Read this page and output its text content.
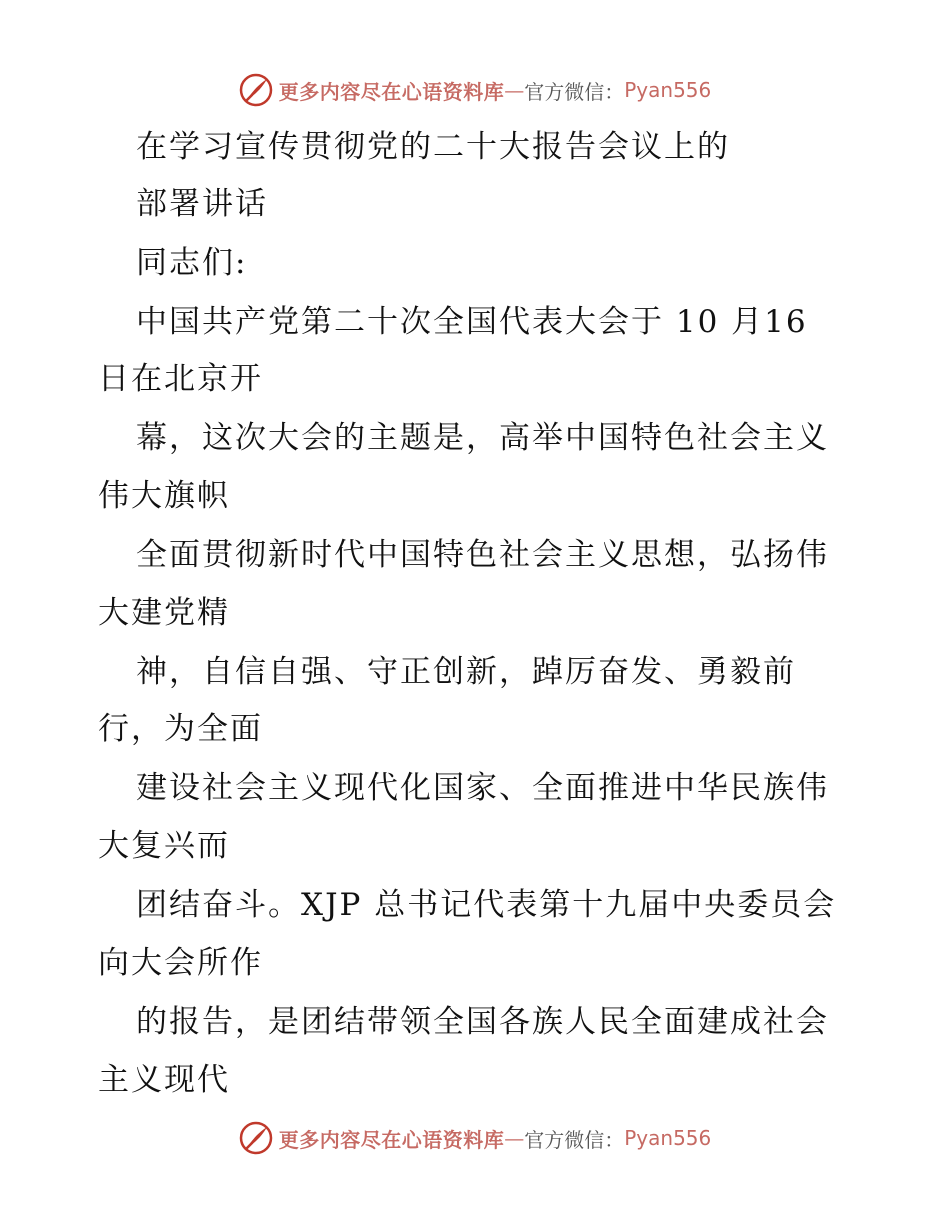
更多内容尽在心语资料库 — 官方微信： Pyan556
在学习宣传贯彻党的二十大报告会议上的
部署讲话
同志们:
中国共产党第二十次全国代表大会于 10 月16
日在北京开
幕，这次大会的主题是，高举中国特色社会主义
伟大旗帜
全面贯彻新时代中国特色社会主义思想，弘扬伟
大建党精
神，自信自强、守正创新，踔厉奋发、勇毅前
行，为全面
建设社会主义现代化国家、全面推进中华民族伟
大复兴而
团结奋斗。XJP 总书记代表第十九届中央委员会
向大会所作
的报告，是团结带领全国各族人民全面建成社会
主义现代
更多内容尽在心语资料库 — 官方微信： Pyan556
